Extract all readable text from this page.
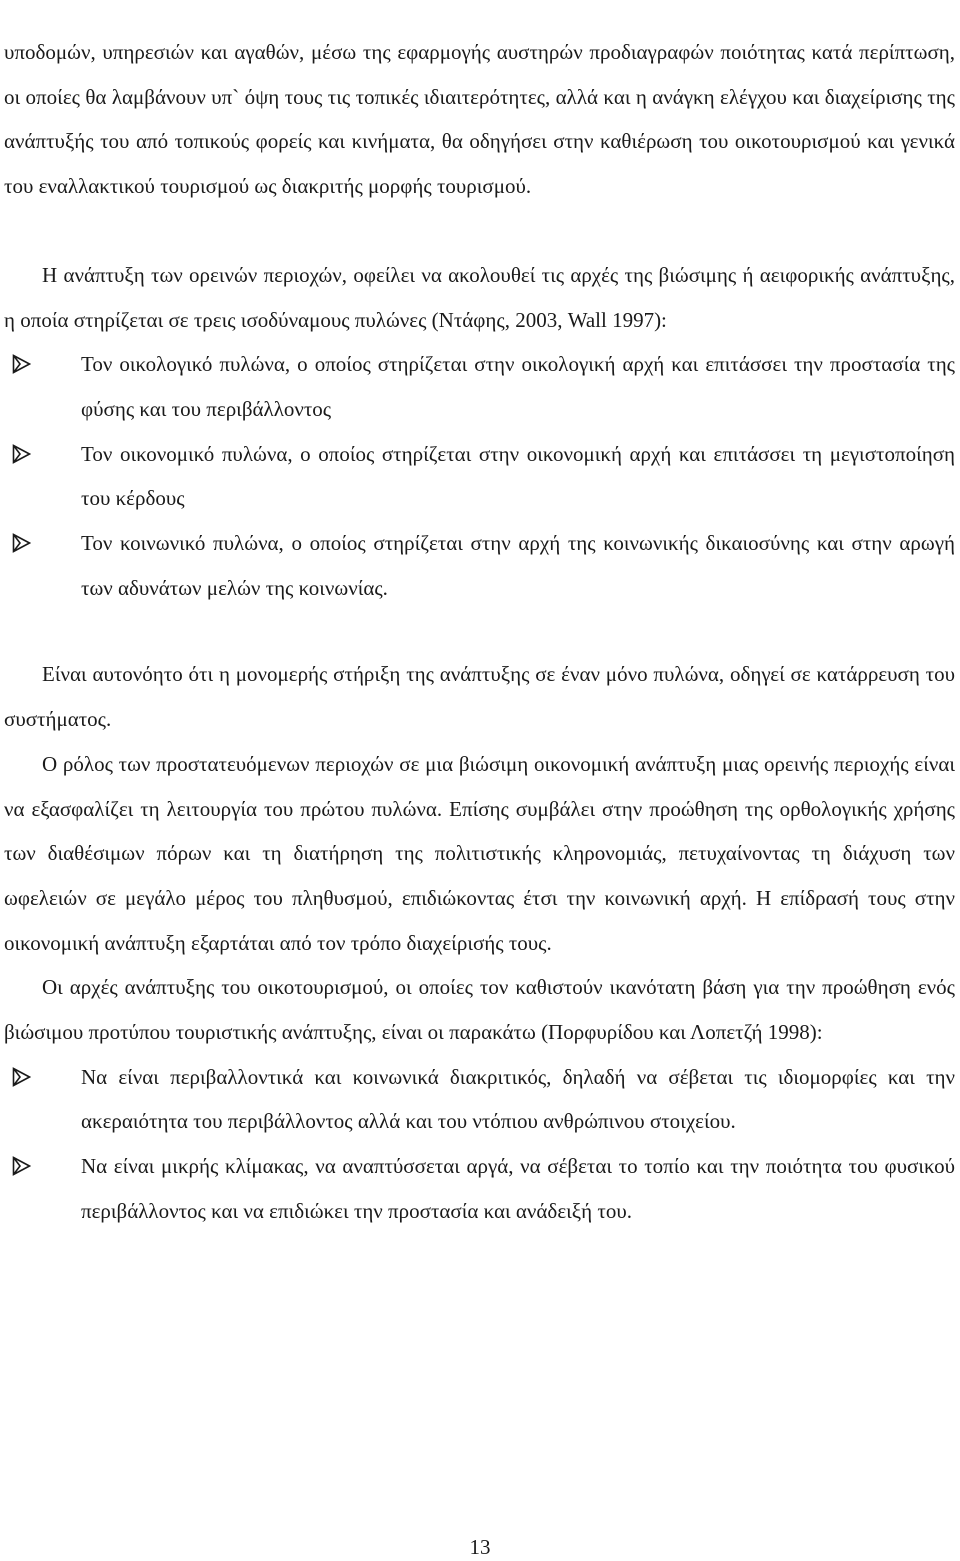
υποδομών, υπηρεσιών και αγαθών, μέσω της εφαρμογής αυστηρών προδιαγραφών ποιότητας κατά περίπτωση, οι οποίες θα λαμβάνουν υπ` όψη τους τις τοπικές ιδιαιτερότητες, αλλά και η ανάγκη ελέγχου και διαχείρισης της ανάπτυξής του από τοπικούς φορείς και κινήματα, θα οδηγήσει στην καθιέρωση του οικοτουρισμού και γενικά του εναλλακτικού τουρισμού ως διακριτής μορφής τουρισμού.

Η ανάπτυξη των ορεινών περιοχών, οφείλει να ακολουθεί τις αρχές της βιώσιμης ή αειφορικής ανάπτυξης, η οποία στηρίζεται σε τρεις ισοδύναμους πυλώνες (Ντάφης, 2003, Wall 1997):

Τον οικολογικό πυλώνα, ο οποίος στηρίζεται στην οικολογική αρχή και επιτάσσει την προστασία της φύσης και του περιβάλλοντος
Τον οικονομικό πυλώνα, ο οποίος στηρίζεται στην οικονομική αρχή και επιτάσσει τη μεγιστοποίηση του κέρδους
Τον κοινωνικό πυλώνα, ο οποίος στηρίζεται στην αρχή της κοινωνικής δικαιοσύνης και στην αρωγή των αδυνάτων μελών της κοινωνίας.

Είναι αυτονόητο ότι η μονομερής στήριξη της ανάπτυξης σε έναν μόνο πυλώνα, οδηγεί σε κατάρρευση του συστήματος.

Ο ρόλος των προστατευόμενων περιοχών σε μια βιώσιμη οικονομική ανάπτυξη μιας ορεινής περιοχής είναι να εξασφαλίζει τη λειτουργία του πρώτου πυλώνα. Επίσης συμβάλει στην προώθηση της ορθολογικής χρήσης των διαθέσιμων πόρων και τη διατήρηση της πολιτιστικής κληρονομιάς, πετυχαίνοντας τη διάχυση των ωφελειών σε μεγάλο μέρος του πληθυσμού, επιδιώκοντας έτσι την κοινωνική αρχή. Η επίδρασή τους στην οικονομική ανάπτυξη εξαρτάται από τον τρόπο διαχείρισής τους.

Οι αρχές ανάπτυξης του οικοτουρισμού, οι οποίες τον καθιστούν ικανότατη βάση για την προώθηση ενός βιώσιμου προτύπου τουριστικής ανάπτυξης, είναι οι παρακάτω (Πορφυρίδου και Λοπετζή 1998):

Να είναι περιβαλλοντικά και κοινωνικά διακριτικός, δηλαδή να σέβεται τις ιδιομορφίες και την ακεραιότητα του περιβάλλοντος αλλά και του ντόπιου ανθρώπινου στοιχείου.
Να είναι μικρής κλίμακας, να αναπτύσσεται αργά, να σέβεται το τοπίο και την ποιότητα του φυσικού περιβάλλοντος και να επιδιώκει την προστασία και ανάδειξή του.
13
